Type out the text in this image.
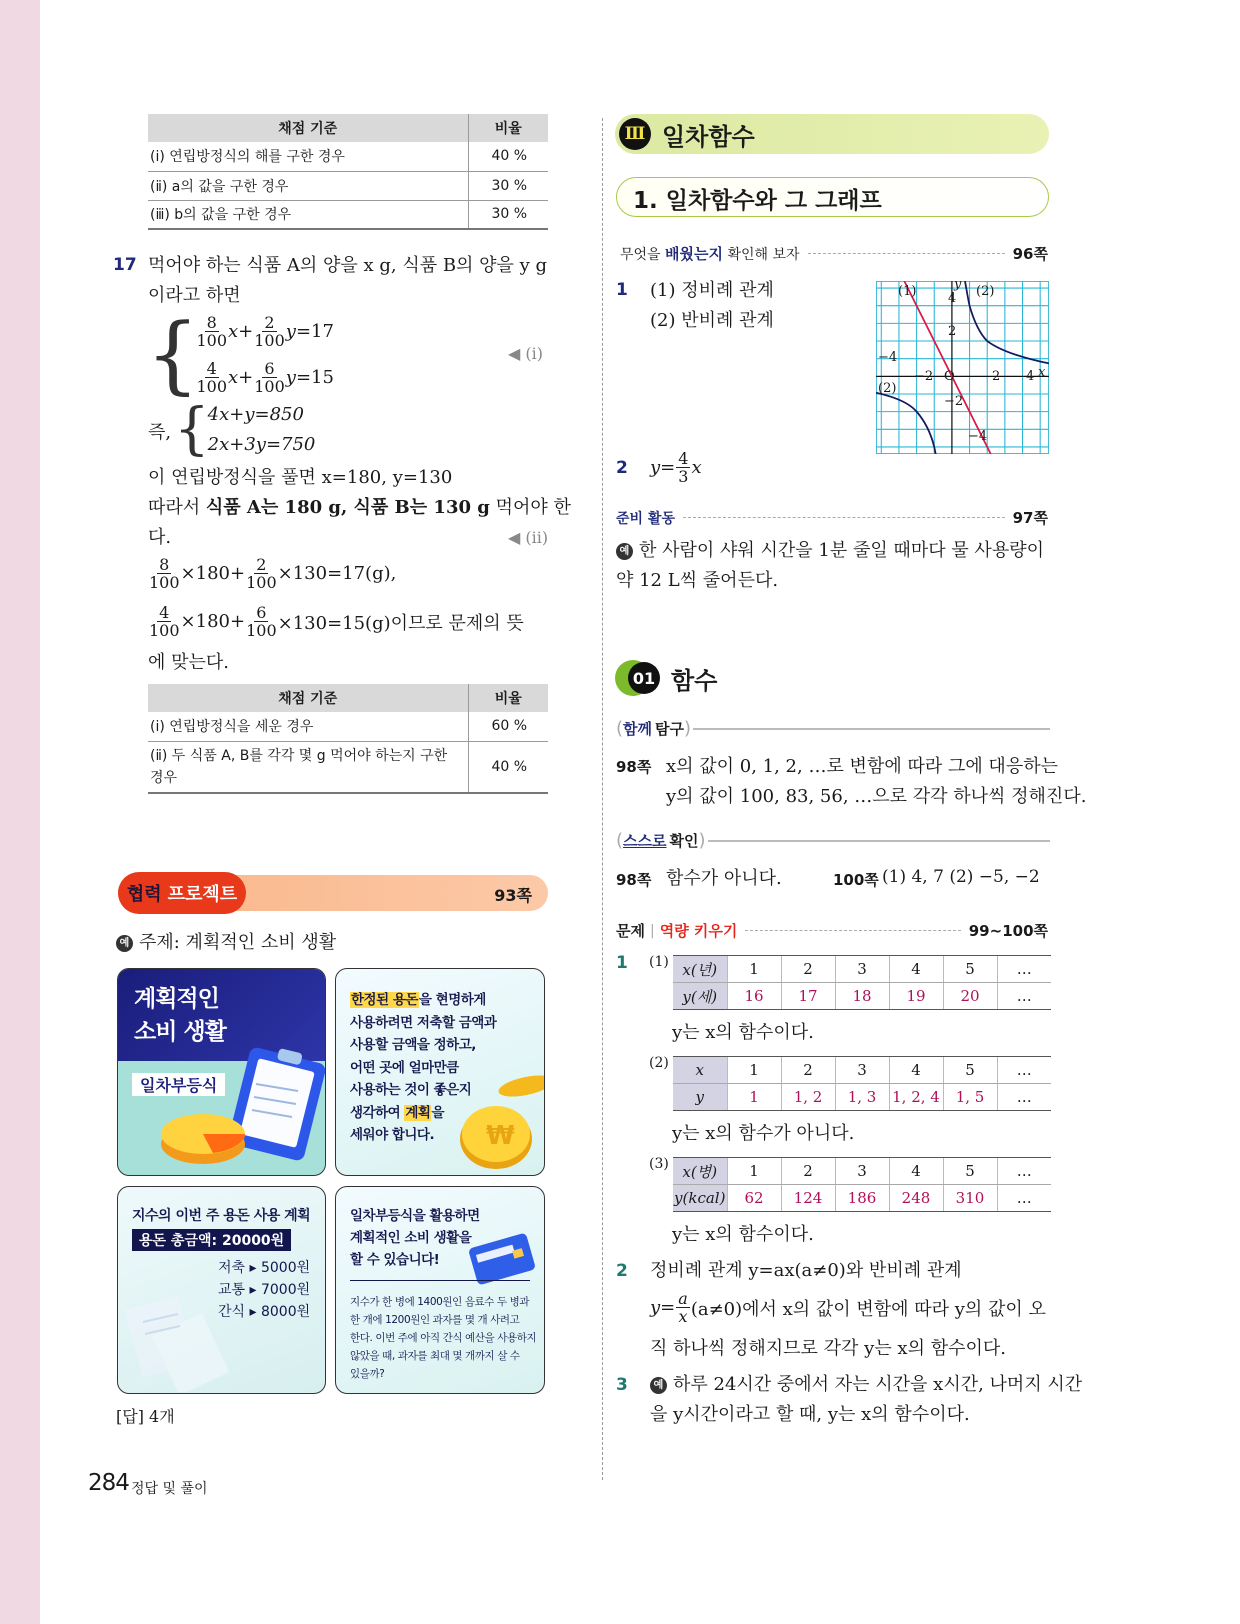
채점 기준	비율
(ⅰ) 연립방정식의 해를 구한 경우	40 %
(ⅱ) a의 값을 구한 경우	30 %
(ⅲ) b의 값을 구한 경우	30 %
17 먹어야 하는 식품 A의 양을 x g, 식품 B의 양을 y g
이라고 하면
{
$\frac{8}{100}$ $x + \frac{2}{100}$ y =17
$\frac{4}{100}$ $x + \frac{6}{100}$ y =15
◀ (ⅰ)
즉, {
4x+y=850
2x+3y=750
이 연립방정식을 풀면 x=180, y=130
따라서 식품 A는 180 g, 식품 B는 130 g 먹어야 한
다.	◀ (ⅱ)
$\frac{8}{100} \times 180+ \frac{2}{100} \times 130=17(g)$,
$\frac{4}{100} \times 180+ \frac{6}{100} \times 130=15(g)$이므로 문제의 뜻
에 맞는다.
채점 기준	비율
(ⅰ) 연립방정식을 세운 경우	60 %
(ⅱ) 두 식품 A, B를 각각 몇 g 먹어야 하는지 구한 경우	40 %
협력 프로젝트	93쪽
예 주제: 계획적인 소비 생활
계획적인
소비 생활
일차부등식
한정된 용돈을 현명하게
사용하려면 저축할 금액과
사용할 금액을 정하고,
어떤 곳에 얼마만큼
사용하는 것이 좋은지
생각하여 계획을
세워야 합니다.	₩
지수의 이번 주 용돈 사용 계획
용돈 총금액: 20000원
저축 ▸ 5000원
교통 ▸ 7000원
간식 ▸ 8000원
일차부등식을 활용하면
계획적인 소비 생활을
할 수 있습니다!
지수가 한 병에 1400원인 음료수 두 병과
한 개에 1200원인 과자를 몇 개 사려고
한다. 이번 주에 아직 간식 예산을 사용하지
않았을 때, 과자를 최대 몇 개까지 살 수
있을까?
[답] 4개
284 정답 및 풀이
Ⅲ 일차함수
1. 일차함수와 그 그래프
무엇을 배웠는지 확인해 보자	96쪽
1 (1) 정비례 관계
(2) 반비례 관계
(1)	(2)
(2)
y
x
O
−2	2 4
4
2
−2
−4
−4
2 $y= \frac{4}{3}$ x
준비 활동	97쪽
예 한 사람이 샤워 시간을 1분 줄일 때마다 물 사용량이
약 12 L씩 줄어든다.
01 함수
( 함께 탐구 )
98쪽 x의 값이 0, 1, 2, …로 변함에 따라 그에 대응하는
y의 값이 100, 83, 56, …으로 각각 하나씩 정해진다.
( 스스로 확인 )
98쪽 함수가 아니다.	100쪽 (1) 4, 7 (2) −5, −2
문제 | 역량 키우기	99~100쪽
1 (1) x(년)	1	2	3	4	5	…
y(세)	16	17	18	19	20	…
y는 x의 함수이다.
(2) x	1	2	3	4	5	…
y	1	1, 2	1, 3	1, 2, 4	1, 5	…
y는 x의 함수가 아니다.
(3) x(병)	1	2	3	4	5	…
y(kcal)	62	124	186	248	310	…
y는 x의 함수이다.
2 정비례 관계 y=ax(a≠0)와 반비례 관계
$y= \frac{a}{x} (a\ne 0)$에서 x의 값이 변함에 따라 y의 값이 오
직 하나씩 정해지므로 각각 y는 x의 함수이다.
3	예 하루 24시간 중에서 자는 시간을 x시간, 나머지 시간
을 y시간이라고 할 때, y는 x의 함수이다.
